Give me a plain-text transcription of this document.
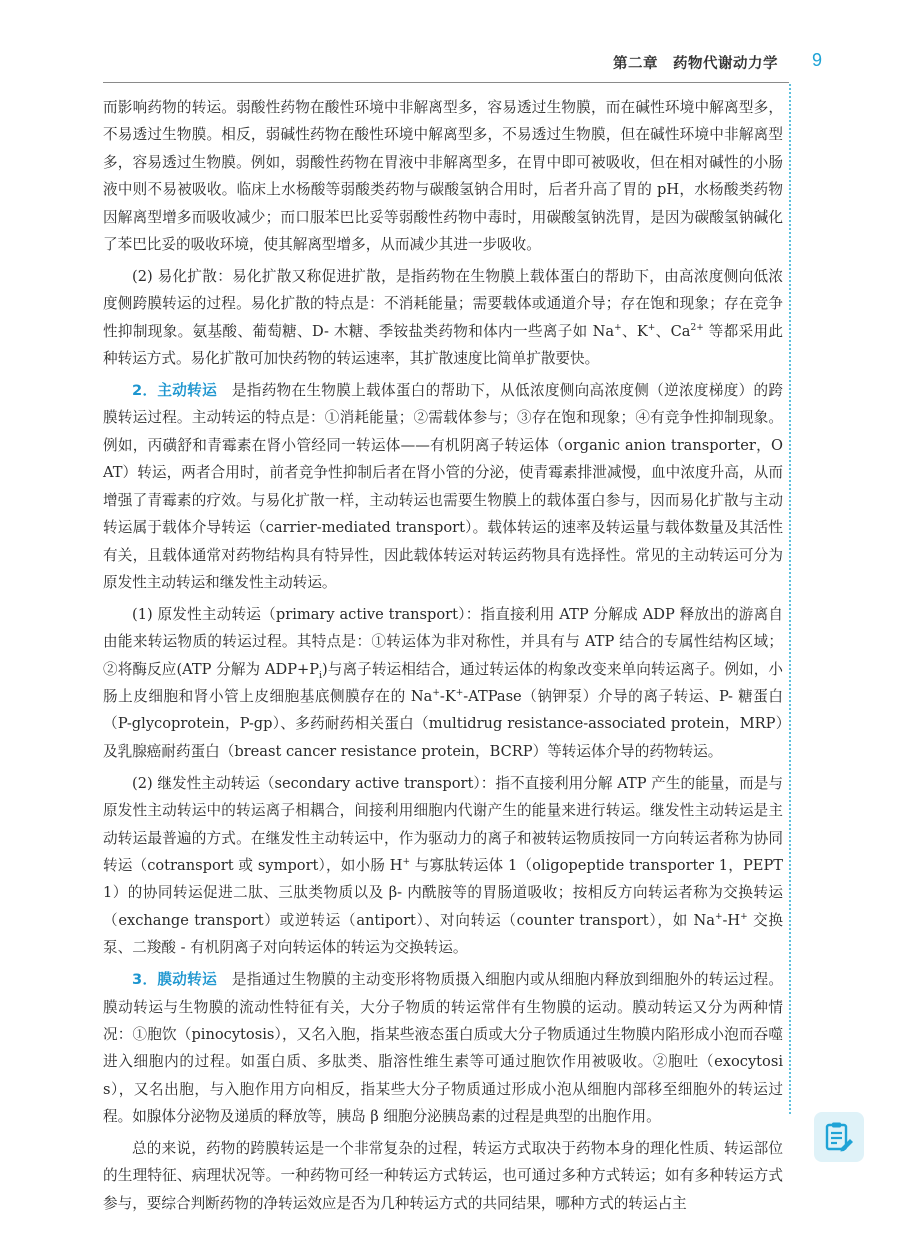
第二章　药物代谢动力学 9

而影响药物的转运。弱酸性药物在酸性环境中非解离型多，容易透过生物膜，而在碱性环境中解离型多，不易透过生物膜。相反，弱碱性药物在酸性环境中解离型多，不易透过生物膜，但在碱性环境中非解离型多，容易透过生物膜。例如，弱酸性药物在胃液中非解离型多，在胃中即可被吸收，但在相对碱性的小肠液中则不易被吸收。临床上水杨酸等弱酸类药物与碳酸氢钠合用时，后者升高了胃的 pH，水杨酸类药物因解离型增多而吸收减少；而口服苯巴比妥等弱酸性药物中毒时，用碳酸氢钠洗胃，是因为碳酸氢钠碱化了苯巴比妥的吸收环境，使其解离型增多，从而减少其进一步吸收。

(2) 易化扩散：易化扩散又称促进扩散，是指药物在生物膜上载体蛋白的帮助下，由高浓度侧向低浓度侧跨膜转运的过程。易化扩散的特点是：不消耗能量；需要载体或通道介导；存在饱和现象；存在竞争性抑制现象。氨基酸、葡萄糖、D- 木糖、季铵盐类药物和体内一些离子如 Na+、K+、$Ca^{2+}$ 等都采用此种转运方式。易化扩散可加快药物的转运速率，其扩散速度比简单扩散要快。

2．主动转运　是指药物在生物膜上载体蛋白的帮助下，从低浓度侧向高浓度侧（逆浓度梯度）的跨膜转运过程。主动转运的特点是：①消耗能量；②需载体参与；③存在饱和现象；④有竞争性抑制现象。例如，丙磺舒和青霉素在肾小管经同一转运体——有机阴离子转运体（organic anion transporter，OAT）转运，两者合用时，前者竞争性抑制后者在肾小管的分泌，使青霉素排泄减慢，血中浓度升高，从而增强了青霉素的疗效。与易化扩散一样，主动转运也需要生物膜上的载体蛋白参与，因而易化扩散与主动转运属于载体介导转运（carrier-mediated transport）。载体转运的速率及转运量与载体数量及其活性有关，且载体通常对药物结构具有特异性，因此载体转运对转运药物具有选择性。常见的主动转运可分为原发性主动转运和继发性主动转运。

(1) 原发性主动转运（primary active transport）：指直接利用 ATP 分解成 ADP 释放出的游离自由能来转运物质的转运过程。其特点是：①转运体为非对称性，并具有与 ATP 结合的专属性结构区域；②将酶反应(ATP 分解为 $ADP+P_i$)与离子转运相结合，通过转运体的构象改变来单向转运离子。例如，小肠上皮细胞和肾小管上皮细胞基底侧膜存在的 Na+-K+-ATPase（钠钾泵）介导的离子转运、P- 糖蛋白（P-glycoprotein，P-gp）、多药耐药相关蛋白（multidrug resistance-associated protein，MRP）及乳腺癌耐药蛋白（breast cancer resistance protein，BCRP）等转运体介导的药物转运。

(2) 继发性主动转运（secondary active transport）：指不直接利用分解 ATP 产生的能量，而是与原发性主动转运中的转运离子相耦合，间接利用细胞内代谢产生的能量来进行转运。继发性主动转运是主动转运最普遍的方式。在继发性主动转运中，作为驱动力的离子和被转运物质按同一方向转运者称为协同转运（cotransport 或 symport），如小肠 H+ 与寡肽转运体 1（oligopeptide transporter 1，PEPT1）的协同转运促进二肽、三肽类物质以及 β- 内酰胺等的胃肠道吸收；按相反方向转运者称为交换转运（exchange transport）或逆转运（antiport）、对向转运（counter transport），如 Na+-H+ 交换泵、二羧酸 - 有机阴离子对向转运体的转运为交换转运。

3．膜动转运　是指通过生物膜的主动变形将物质摄入细胞内或从细胞内释放到细胞外的转运过程。膜动转运与生物膜的流动性特征有关，大分子物质的转运常伴有生物膜的运动。膜动转运又分为两种情况：①胞饮（pinocytosis），又名入胞，指某些液态蛋白质或大分子物质通过生物膜内陷形成小泡而吞噬进入细胞内的过程。如蛋白质、多肽类、脂溶性维生素等可通过胞饮作用被吸收。②胞吐（exocytosis），又名出胞，与入胞作用方向相反，指某些大分子物质通过形成小泡从细胞内部移至细胞外的转运过程。如腺体分泌物及递质的释放等，胰岛 β 细胞分泌胰岛素的过程是典型的出胞作用。

总的来说，药物的跨膜转运是一个非常复杂的过程，转运方式取决于药物本身的理化性质、转运部位的生理特征、病理状况等。一种药物可经一种转运方式转运，也可通过多种方式转运；如有多种转运方式参与，要综合判断药物的净转运效应是否为几种转运方式的共同结果，哪种方式的转运占主
